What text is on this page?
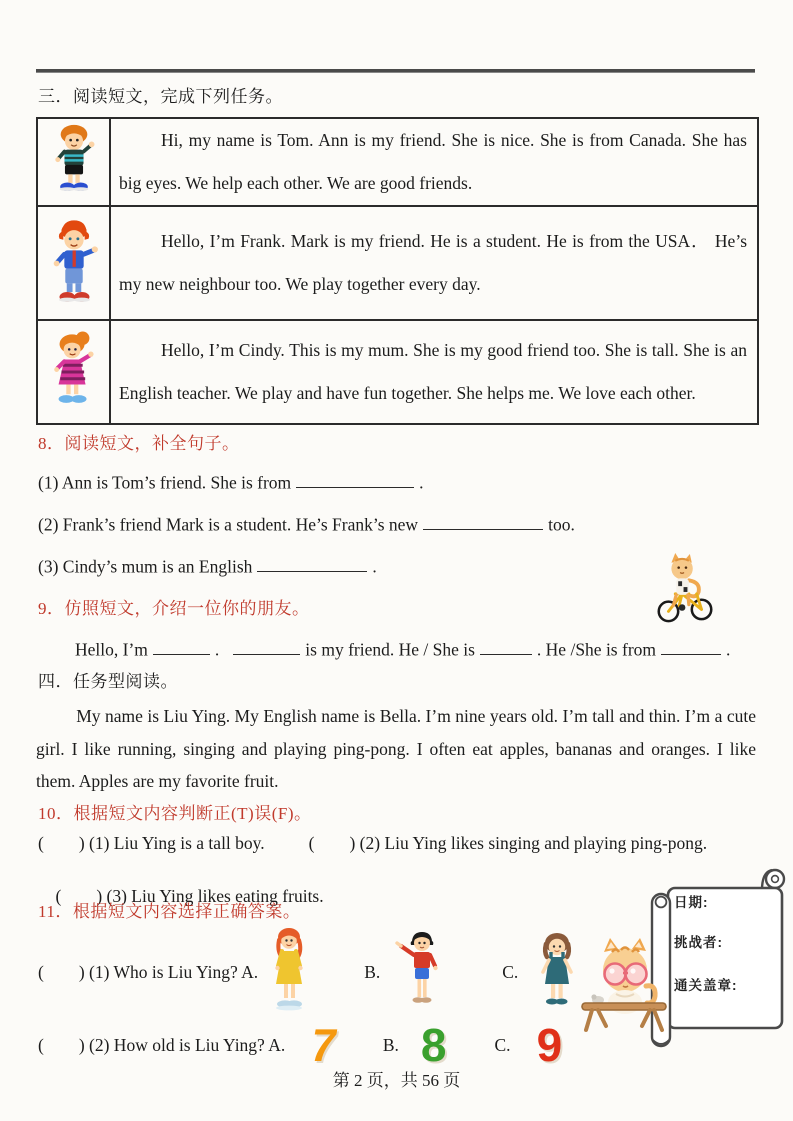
三．阅读短文，完成下列任务。

Hi, my name is Tom. Ann is my friend. She is nice. She is from Canada. She has big eyes. We help each other. We are good friends.

Hello, I’m Frank. Mark is my friend. He is a student. He is from the USA． He’s my new neighbour too. We play together every day.

Hello, I’m Cindy. This is my mum. She is my good friend too. She is tall. She is an English teacher. We play and have fun together. She helps me. We love each other.

8．阅读短文，补全句子。
(1) Ann is Tom’s friend. She is from	.
(2) Frank’s friend Mark is a student. He’s Frank’s new	too.
(3) Cindy’s mum is an English	.
9．仿照短文，介绍一位你的朋友。
Hello, I’m	.	is my friend. He / She is	. He /She is from	.
四．任务型阅读。
My name is Liu Ying. My English name is Bella. I’m nine years old. I’m tall and thin. I’m a cute girl. I like running, singing and playing ping-pong. I often eat apples, bananas and oranges. I like them. Apples are my favorite fruit.
10．根据短文内容判断正(T)误(F)。
(        ) (1) Liu Ying is a tall boy.	(        ) (2) Liu Ying likes singing and playing ping-pong.

(        ) (3) Liu Ying likes eating fruits.

11．根据短文内容选择正确答案。
(        ) (1) Who is Liu Ying? A.	B.	C.
(        ) (2) How old is Liu Ying? A. 7 B. 8	C. 9
日期:
挑战者:
通关盖章:
第 2 页，共 56 页
